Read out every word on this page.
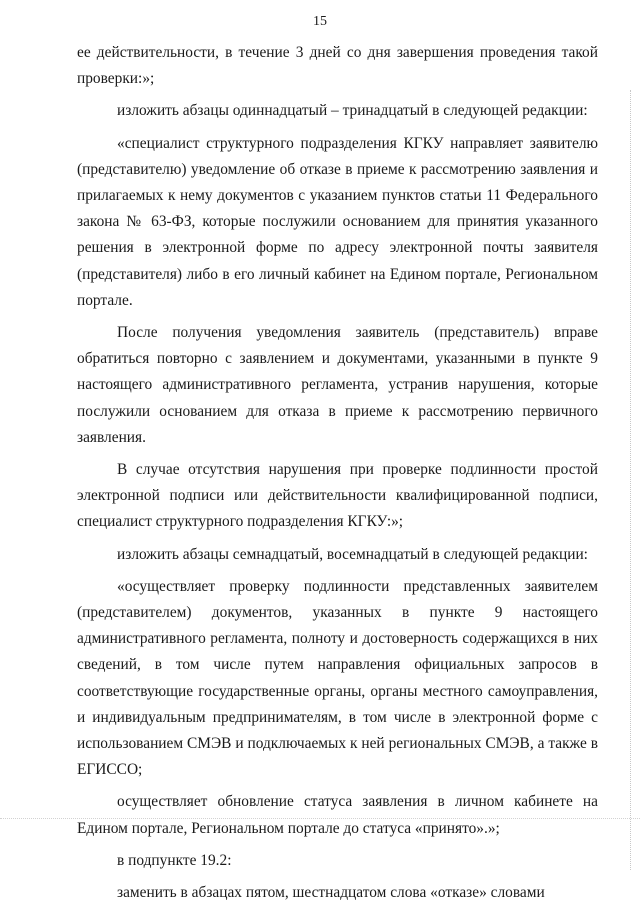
15

ее действительности, в течение 3 дней со дня завершения проведения такой проверки:»;

изложить абзацы одиннадцатый – тринадцатый в следующей редакции:

«специалист структурного подразделения КГКУ направляет заявителю (представителю) уведомление об отказе в приеме к рассмотрению заявления и прилагаемых к нему документов с указанием пунктов статьи 11 Федерального закона № 63-ФЗ, которые послужили основанием для принятия указанного решения в электронной форме по адресу электронной почты заявителя (представителя) либо в его личный кабинет на Едином портале, Региональном портале.

После получения уведомления заявитель (представитель) вправе обратиться повторно с заявлением и документами, указанными в пункте 9 настоящего административного регламента, устранив нарушения, которые послужили основанием для отказа в приеме к рассмотрению первичного заявления.

В случае отсутствия нарушения при проверке подлинности простой электронной подписи или действительности квалифицированной подписи, специалист структурного подразделения КГКУ:»;

изложить абзацы семнадцатый, восемнадцатый в следующей редакции:

«осуществляет проверку подлинности представленных заявителем (представителем) документов, указанных в пункте 9 настоящего административного регламента, полноту и достоверность содержащихся в них сведений, в том числе путем направления официальных запросов в соответствующие государственные органы, органы местного самоуправления, и индивидуальным предпринимателям, в том числе в электронной форме с использованием СМЭВ и подключаемых к ней региональных СМЭВ, а также в ЕГИССО;

осуществляет обновление статуса заявления в личном кабинете на Едином портале, Региональном портале до статуса «принято».»;

в подпункте 19.2:

заменить в абзацах пятом, шестнадцатом слова «отказе» словами
